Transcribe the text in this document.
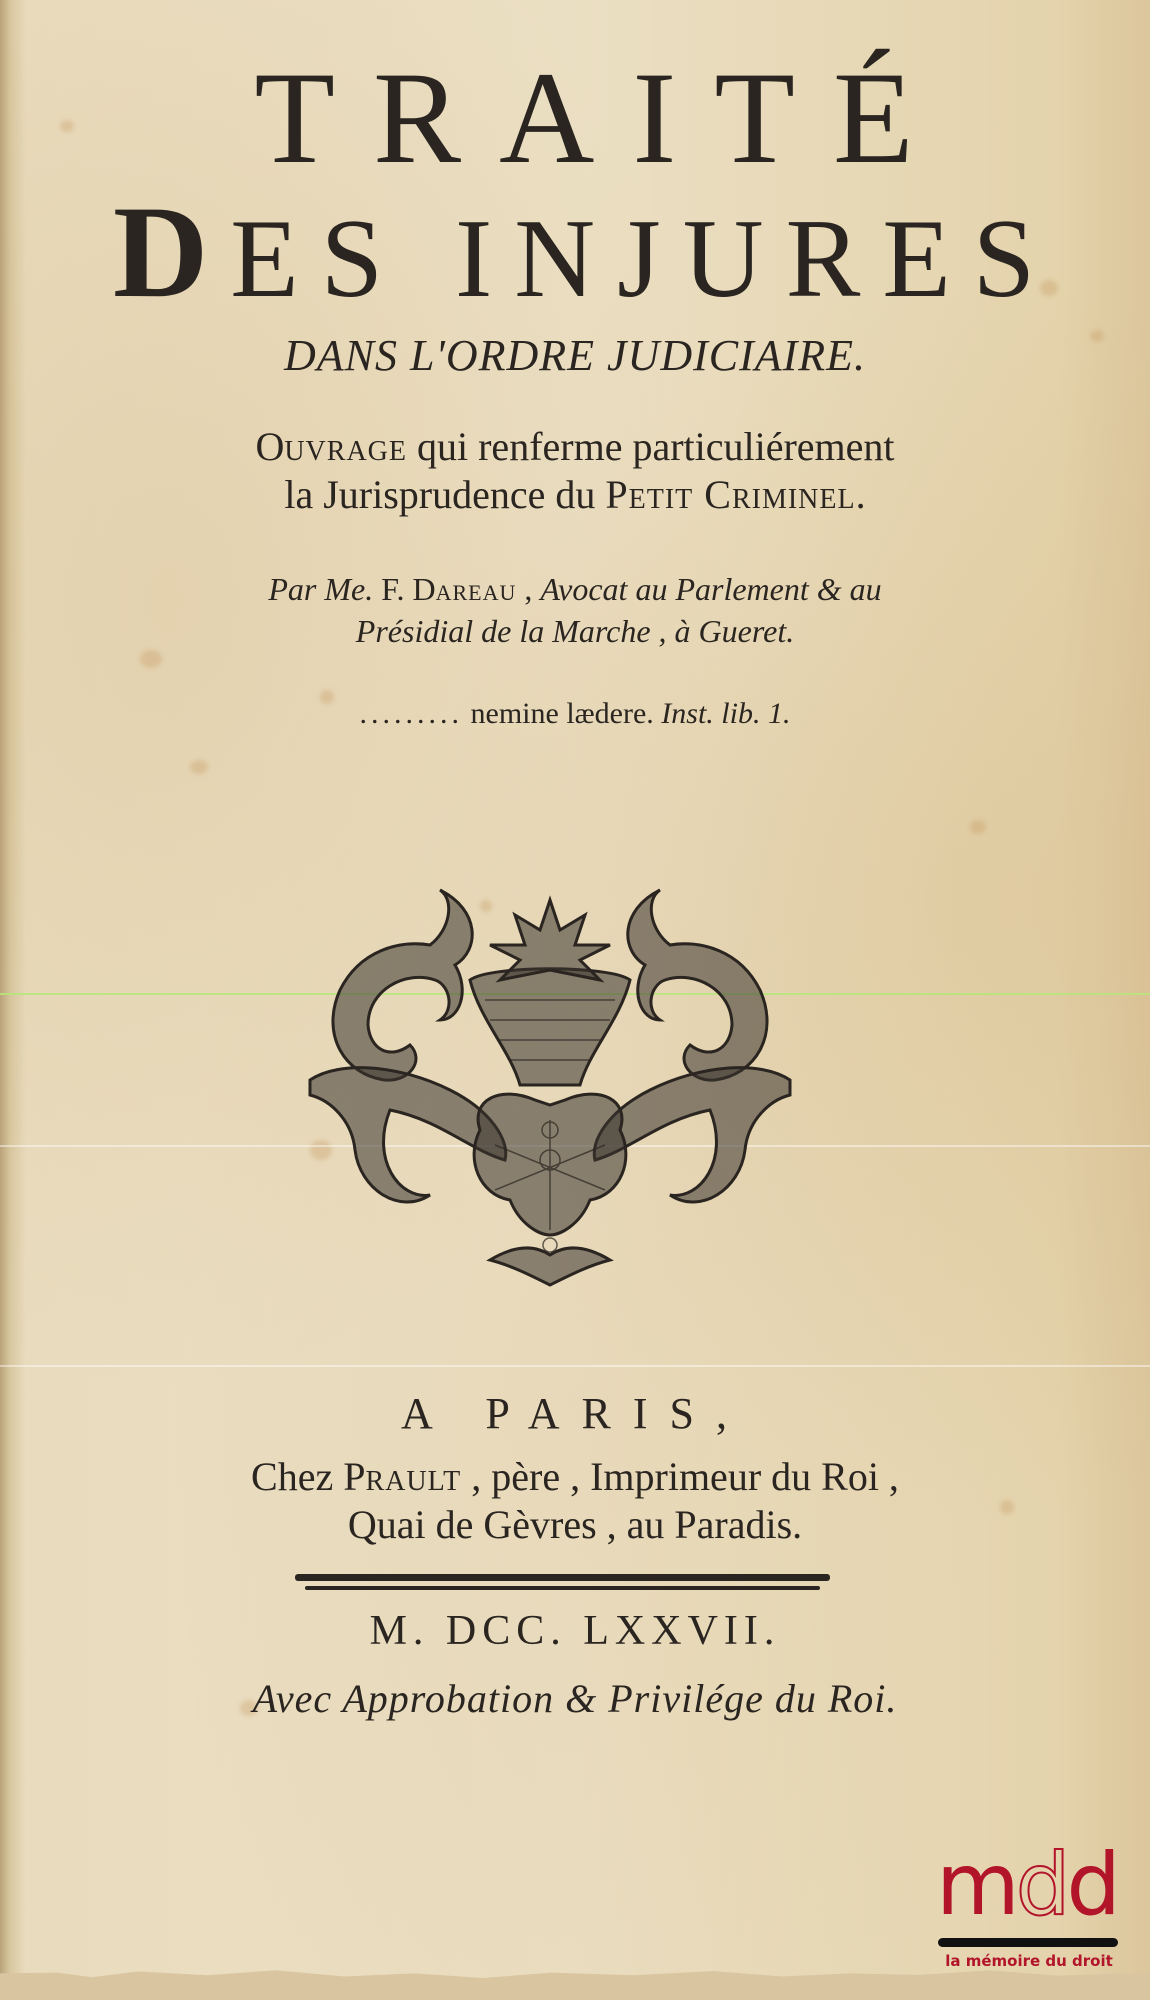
TRAITÉ
DES INJURES
DANS L'ORDRE JUDICIAIRE.
Ouvrage qui renferme particuliérement
la Jurisprudence du Petit Criminel.
Par Me. F. Dareau , Avocat au Parlement & au
Présidial de la Marche , à Gueret.
......... nemine lædere. Inst. lib. 1.
A PARIS,
Chez Prault , père , Imprimeur du Roi ,
Quai de Gèvres , au Paradis.
M. DCC. LXXVII.
Avec Approbation & Privilége du Roi.
mdd
la mémoire du droit
